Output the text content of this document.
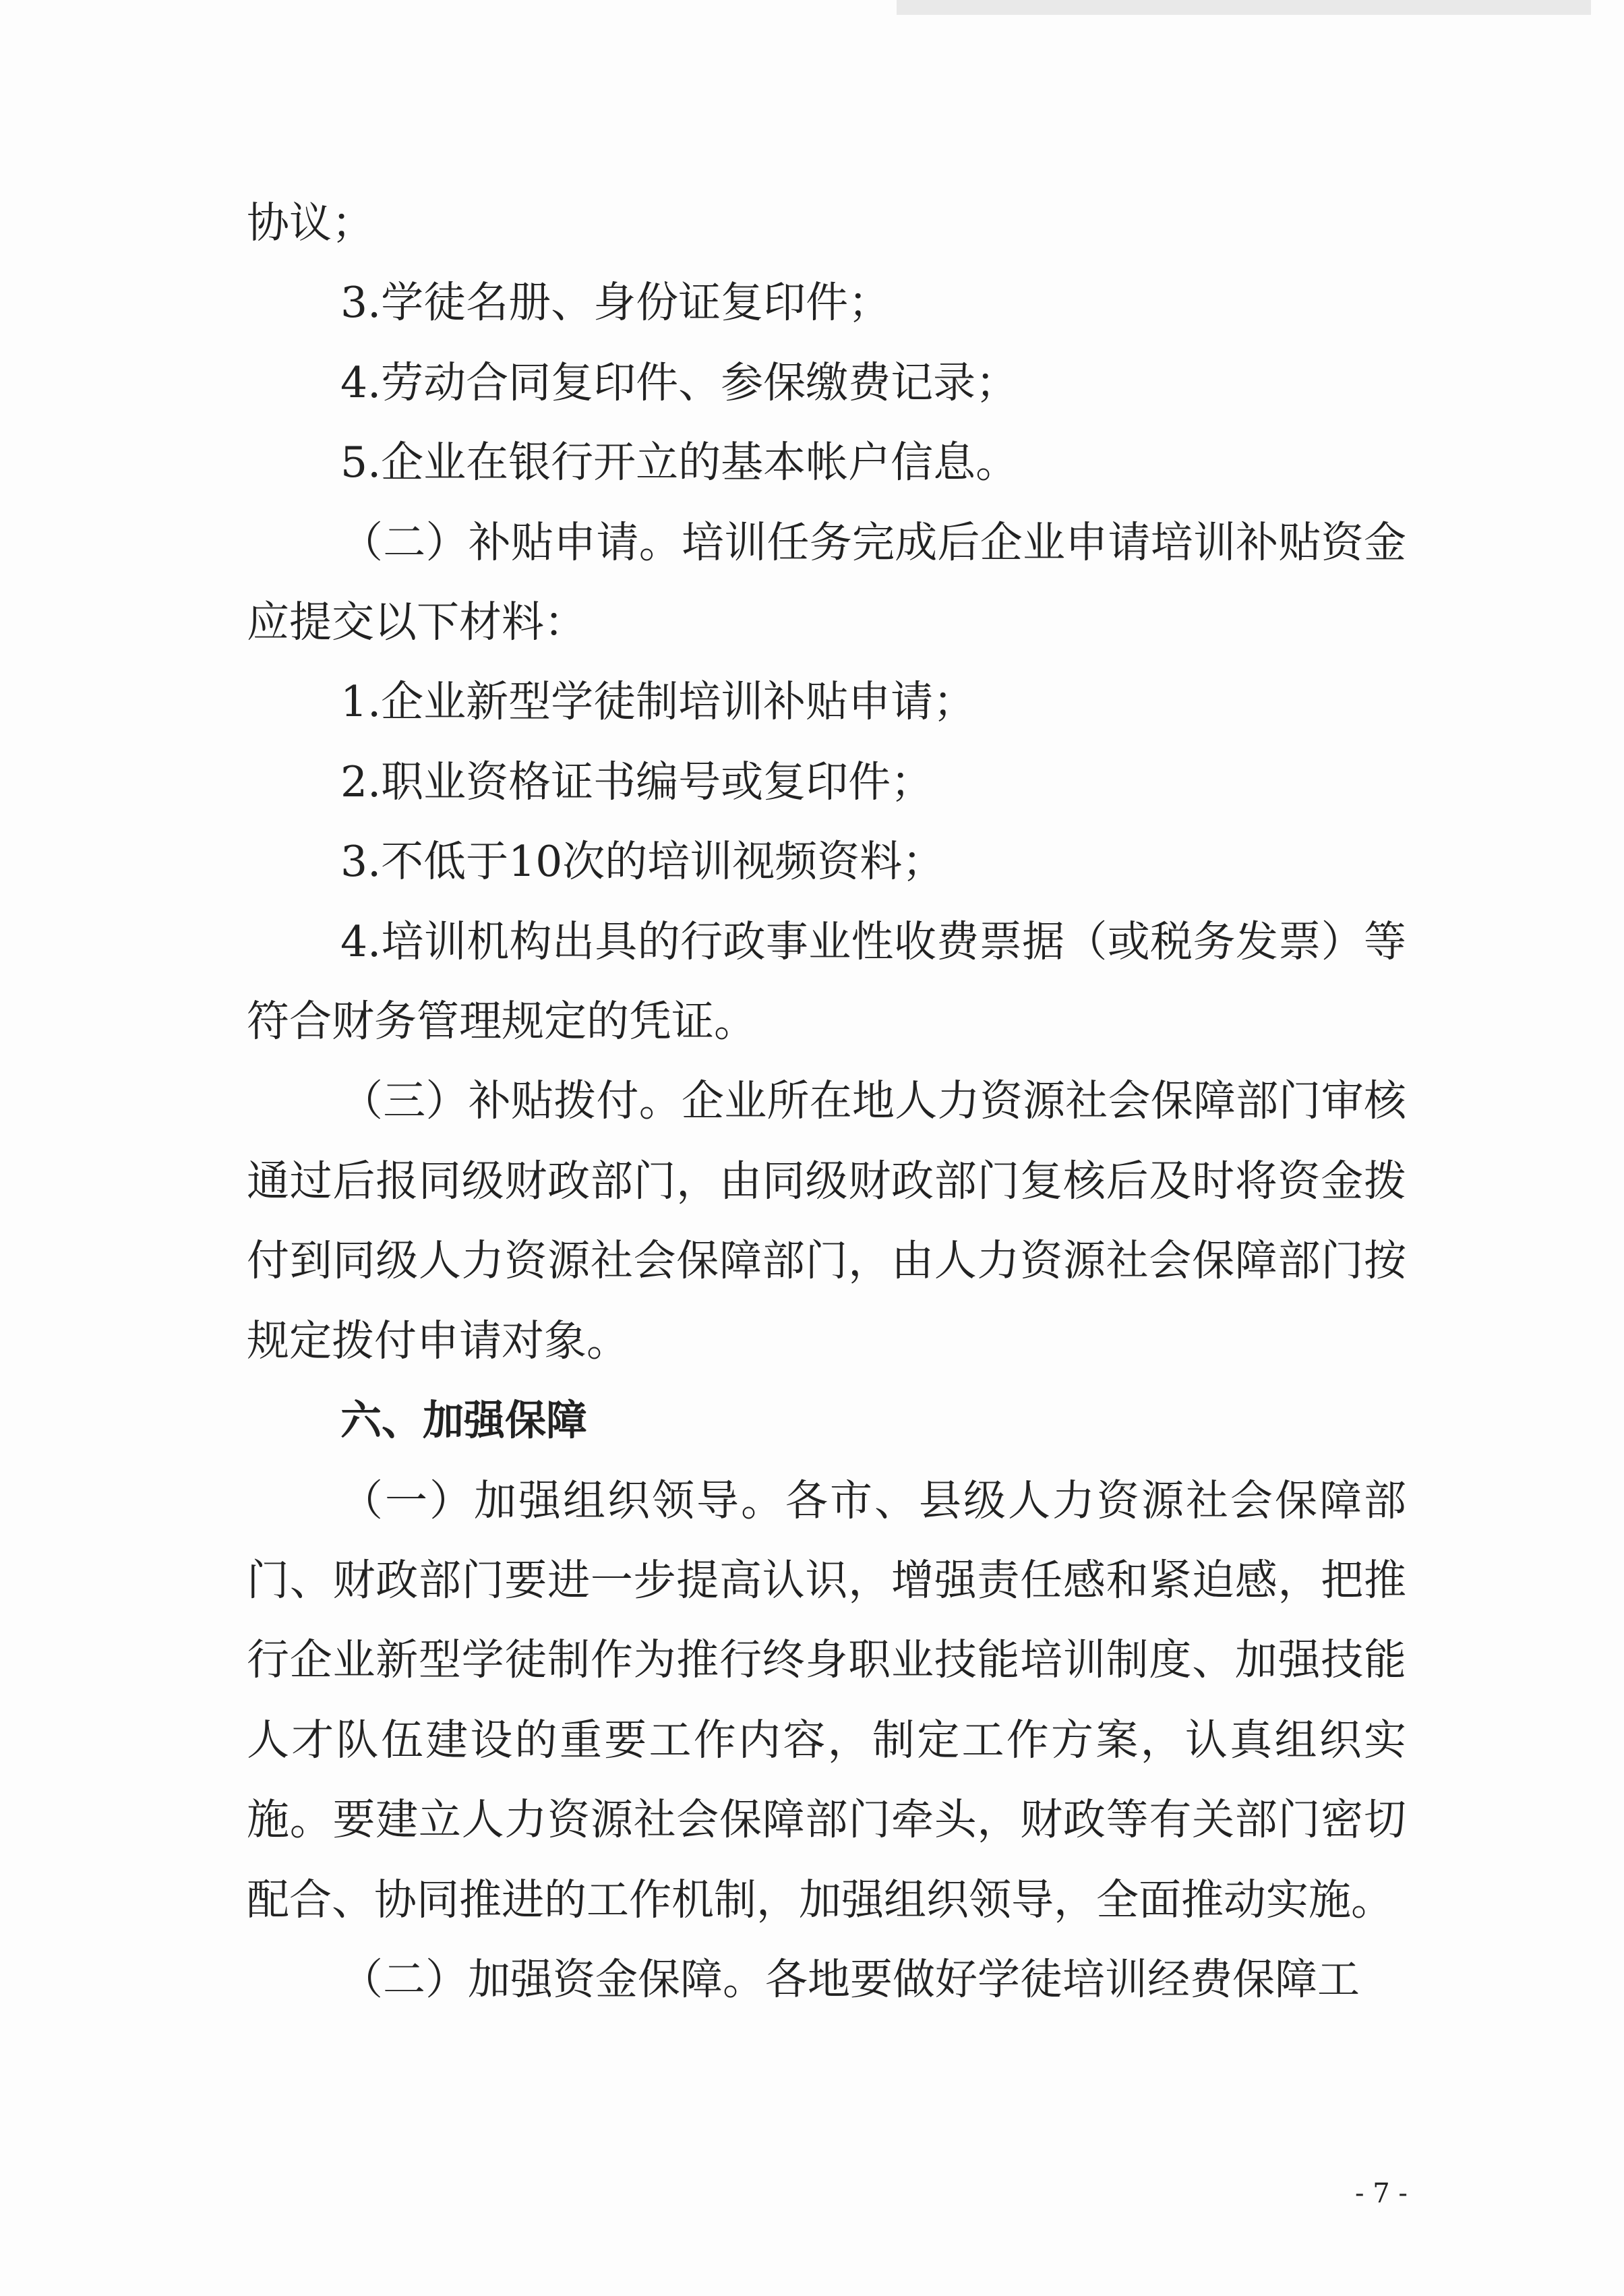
协议；

3.学徒名册、身份证复印件；

4.劳动合同复印件、参保缴费记录；

5.企业在银行开立的基本帐户信息。

（二）补贴申请。培训任务完成后企业申请培训补贴资金应提交以下材料：

1.企业新型学徒制培训补贴申请；

2.职业资格证书编号或复印件；

3.不低于10次的培训视频资料；

4.培训机构出具的行政事业性收费票据（或税务发票）等符合财务管理规定的凭证。

（三）补贴拨付。企业所在地人力资源社会保障部门审核通过后报同级财政部门，由同级财政部门复核后及时将资金拨付到同级人力资源社会保障部门，由人力资源社会保障部门按规定拨付申请对象。

六、加强保障

（一）加强组织领导。各市、县级人力资源社会保障部门、财政部门要进一步提高认识，增强责任感和紧迫感，把推行企业新型学徒制作为推行终身职业技能培训制度、加强技能人才队伍建设的重要工作内容，制定工作方案，认真组织实施。要建立人力资源社会保障部门牵头，财政等有关部门密切配合、协同推进的工作机制，加强组织领导，全面推动实施。

（二）加强资金保障。各地要做好学徒培训经费保障工

- 7 -
